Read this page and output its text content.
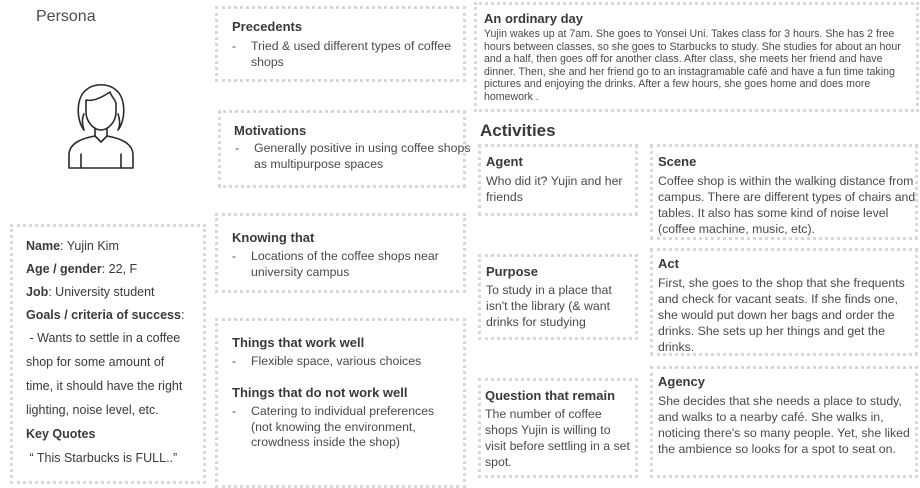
Persona
Name: Yujin Kim
Age / gender: 22, F
Job: University student
Goals / criteria of success:
- Wants to settle in a coffee
shop for some amount of
time, it should have the right
lighting, noise level, etc.
Key Quotes
“ This Starbucks is FULL..”
Precedents
- Tried & used different types of coffee shops
Motivations
- Generally positive in using coffee shops as multipurpose spaces
Knowing that
- Locations of the coffee shops near university campus
Things that work well
- Flexible space, various choices
Things that do not work well
- Catering to individual preferences (not knowing the environment, crowdness inside the shop)
An ordinary day
Yujin wakes up at 7am. She goes to Yonsei Uni. Takes class for 3 hours. She has 2 free hours between classes, so she goes to Starbucks to study. She studies for about an hour and a half, then goes off for another class. After class, she meets her friend and have dinner. Then, she and her friend go to an instagramable café and have a fun time taking pictures and enjoying the drinks. After a few hours, she goes home and does more homework .
Activities
Agent
Who did it? Yujin and her friends
Purpose
To study in a place that isn't the library (& want drinks for studying
Question that remain
The number of coffee shops Yujin is willing to visit before settling in a set spot.
Scene
Coffee shop is within the walking distance from campus. There are different types of chairs and tables. It also has some kind of noise level (coffee machine, music, etc).
Act
First, she goes to the shop that she frequents and check for vacant seats. If she finds one, she would put down her bags and order the drinks. She sets up her things and get the drinks.
Agency
She decides that she needs a place to study, and walks to a nearby café. She walks in, noticing there's so many people. Yet, she liked the ambience so looks for a spot to seat on.
